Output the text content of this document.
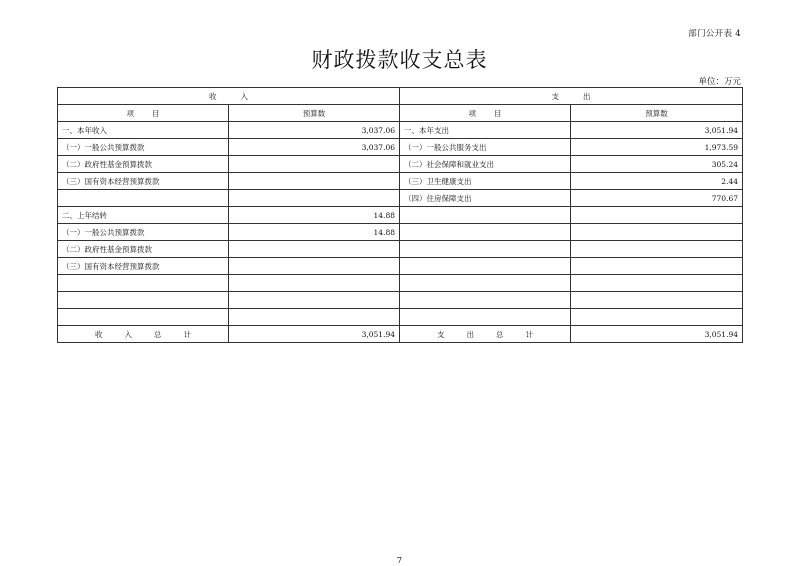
部门公开表 4
财政拨款收支总表
单位：万元
收入		支出	
项目	预算数	项目	预算数
一、本年收入	3,037.06	一、本年支出	3,051.94
（一）一般公共预算拨款	3,037.06	（一）一般公共服务支出	1,973.59
（二）政府性基金预算拨款		（二）社会保障和就业支出	305.24
（三）国有资本经营预算拨款		（三）卫生健康支出	2.44
		（四）住房保障支出	770.67
二、上年结转	14.88		
（一）一般公共预算拨款	14.88		
（二）政府性基金预算拨款			
（三）国有资本经营预算拨款			

收入总计	3,051.94	支出总计	3,051.94
7
